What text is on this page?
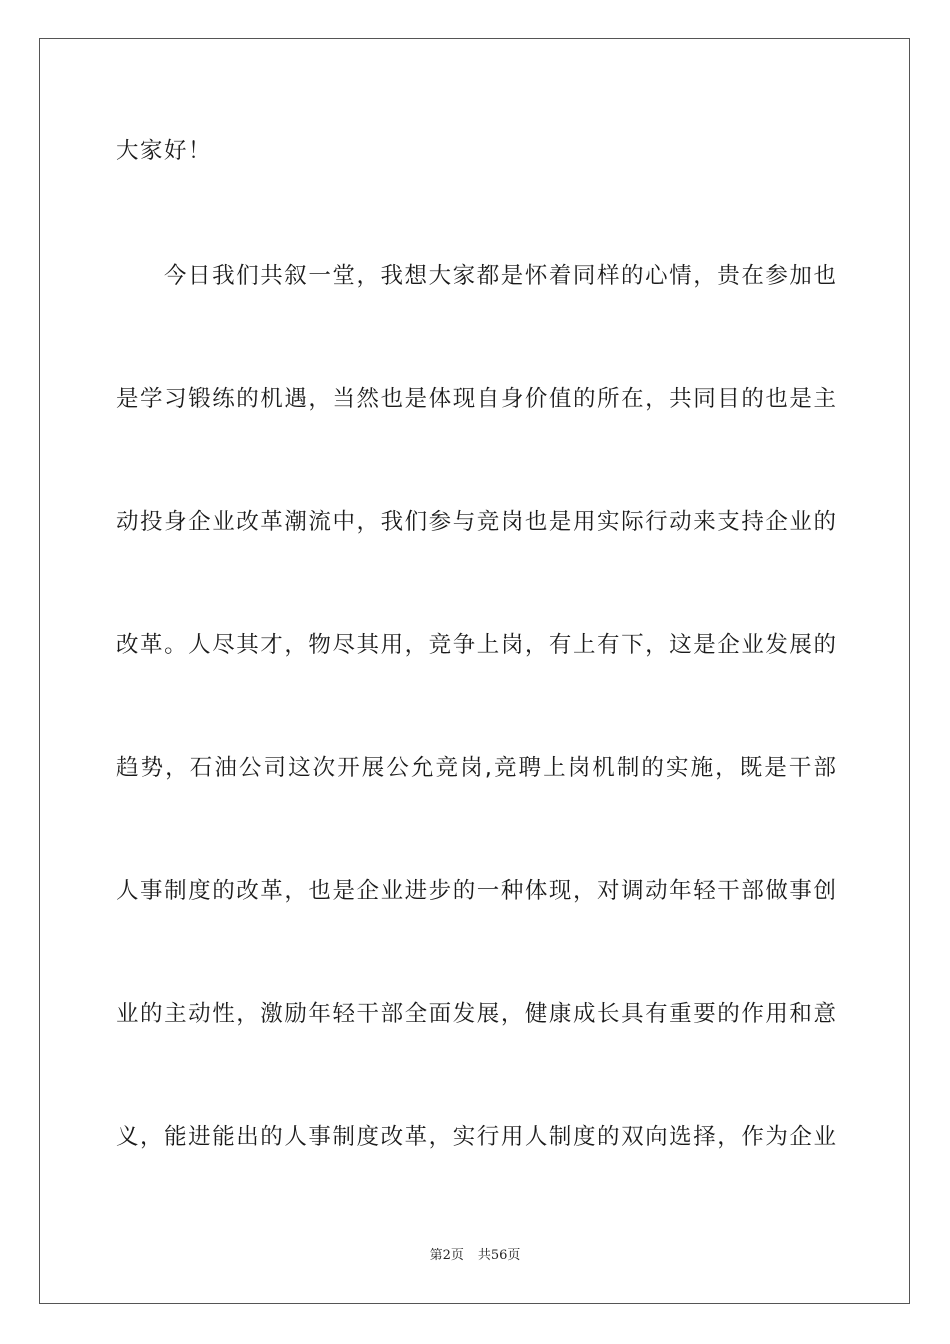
大家好！
今日我们共叙一堂，我想大家都是怀着同样的心情，贵在参加也
是学习锻练的机遇，当然也是体现自身价值的所在，共同目的也是主
动投身企业改革潮流中，我们参与竞岗也是用实际行动来支持企业的
改革。人尽其才，物尽其用，竞争上岗，有上有下，这是企业发展的
趋势，石油公司这次开展公允竞岗,竞聘上岗机制的实施，既是干部
人事制度的改革，也是企业进步的一种体现，对调动年轻干部做事创
业的主动性，激励年轻干部全面发展，健康成长具有重要的作用和意
义，能进能出的人事制度改革，实行用人制度的双向选择，作为企业
第2页 共56页
